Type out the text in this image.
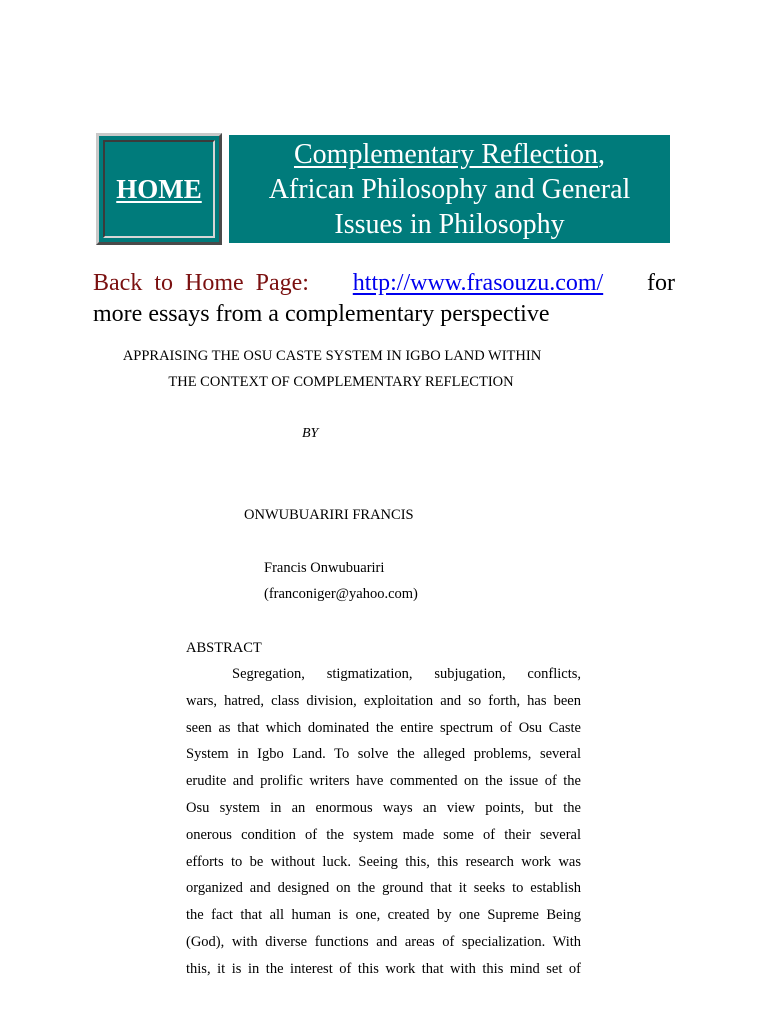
HOME
Complementary Reflection,
African Philosophy and General
Issues in Philosophy
Back to Home Page: http://www.frasouzu.com/ for
more essays from a complementary perspective
APPRAISING THE OSU CASTE SYSTEM IN IGBO LAND WITHIN
THE CONTEXT OF COMPLEMENTARY REFLECTION
BY
ONWUBUARIRI FRANCIS
Francis Onwubuariri
(franconiger@yahoo.com)
ABSTRACT
Segregation, stigmatization, subjugation, conflicts,
wars, hatred, class division, exploitation and so forth, has been
seen as that which dominated the entire spectrum of Osu Caste
System in Igbo Land. To solve the alleged problems, several
erudite and prolific writers have commented on the issue of the
Osu system in an enormous ways an view points, but the
onerous condition of the system made some of their several
efforts to be without luck. Seeing this, this research work was
organized and designed on the ground that it seeks to establish
the fact that all human is one, created by one Supreme Being
(God), with diverse functions and areas of specialization. With
this, it is in the interest of this work that with this mind set of
